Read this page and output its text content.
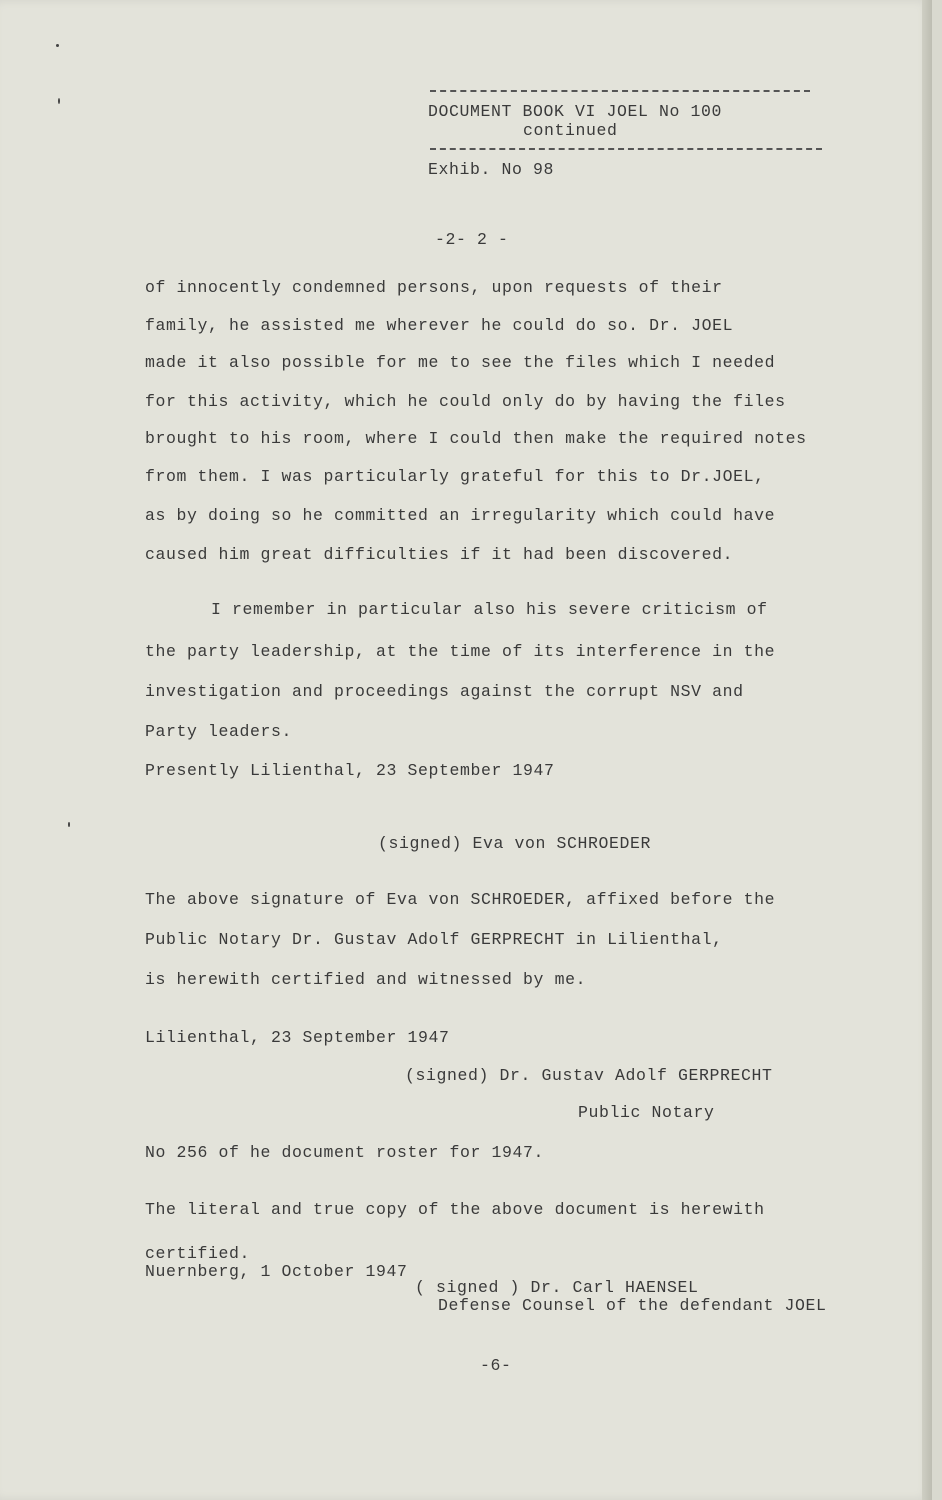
DOCUMENT BOOK VI JOEL No 100
continued
Exhib. No 98
-2- 2 -
of innocently condemned persons, upon requests of their
family, he assisted me wherever he could do so. Dr. JOEL
made it also possible for me to see the files which I needed
for this activity, which he could only do by having the files
brought to his room, where I could then make the required notes
from them. I was particularly grateful for this to Dr.JOEL,
as by doing so he committed an irregularity which could have
caused him great difficulties if it had been discovered.
I remember in particular also his severe criticism of
the party leadership, at the time of its interference in the
investigation and proceedings against the corrupt NSV and
Party leaders.
Presently Lilienthal, 23 September 1947
(signed) Eva von SCHROEDER
The above signature of Eva von SCHROEDER, affixed before the
Public Notary Dr. Gustav Adolf GERPRECHT in Lilienthal,
is herewith certified and witnessed by me.
Lilienthal, 23 September 1947
(signed) Dr. Gustav Adolf GERPRECHT
Public Notary
No 256 of he document roster for 1947.
The literal and true copy of the above document is herewith
certified.
Nuernberg, 1 October 1947
( signed ) Dr. Carl HAENSEL
Defense Counsel of the defendant JOEL
-6-
